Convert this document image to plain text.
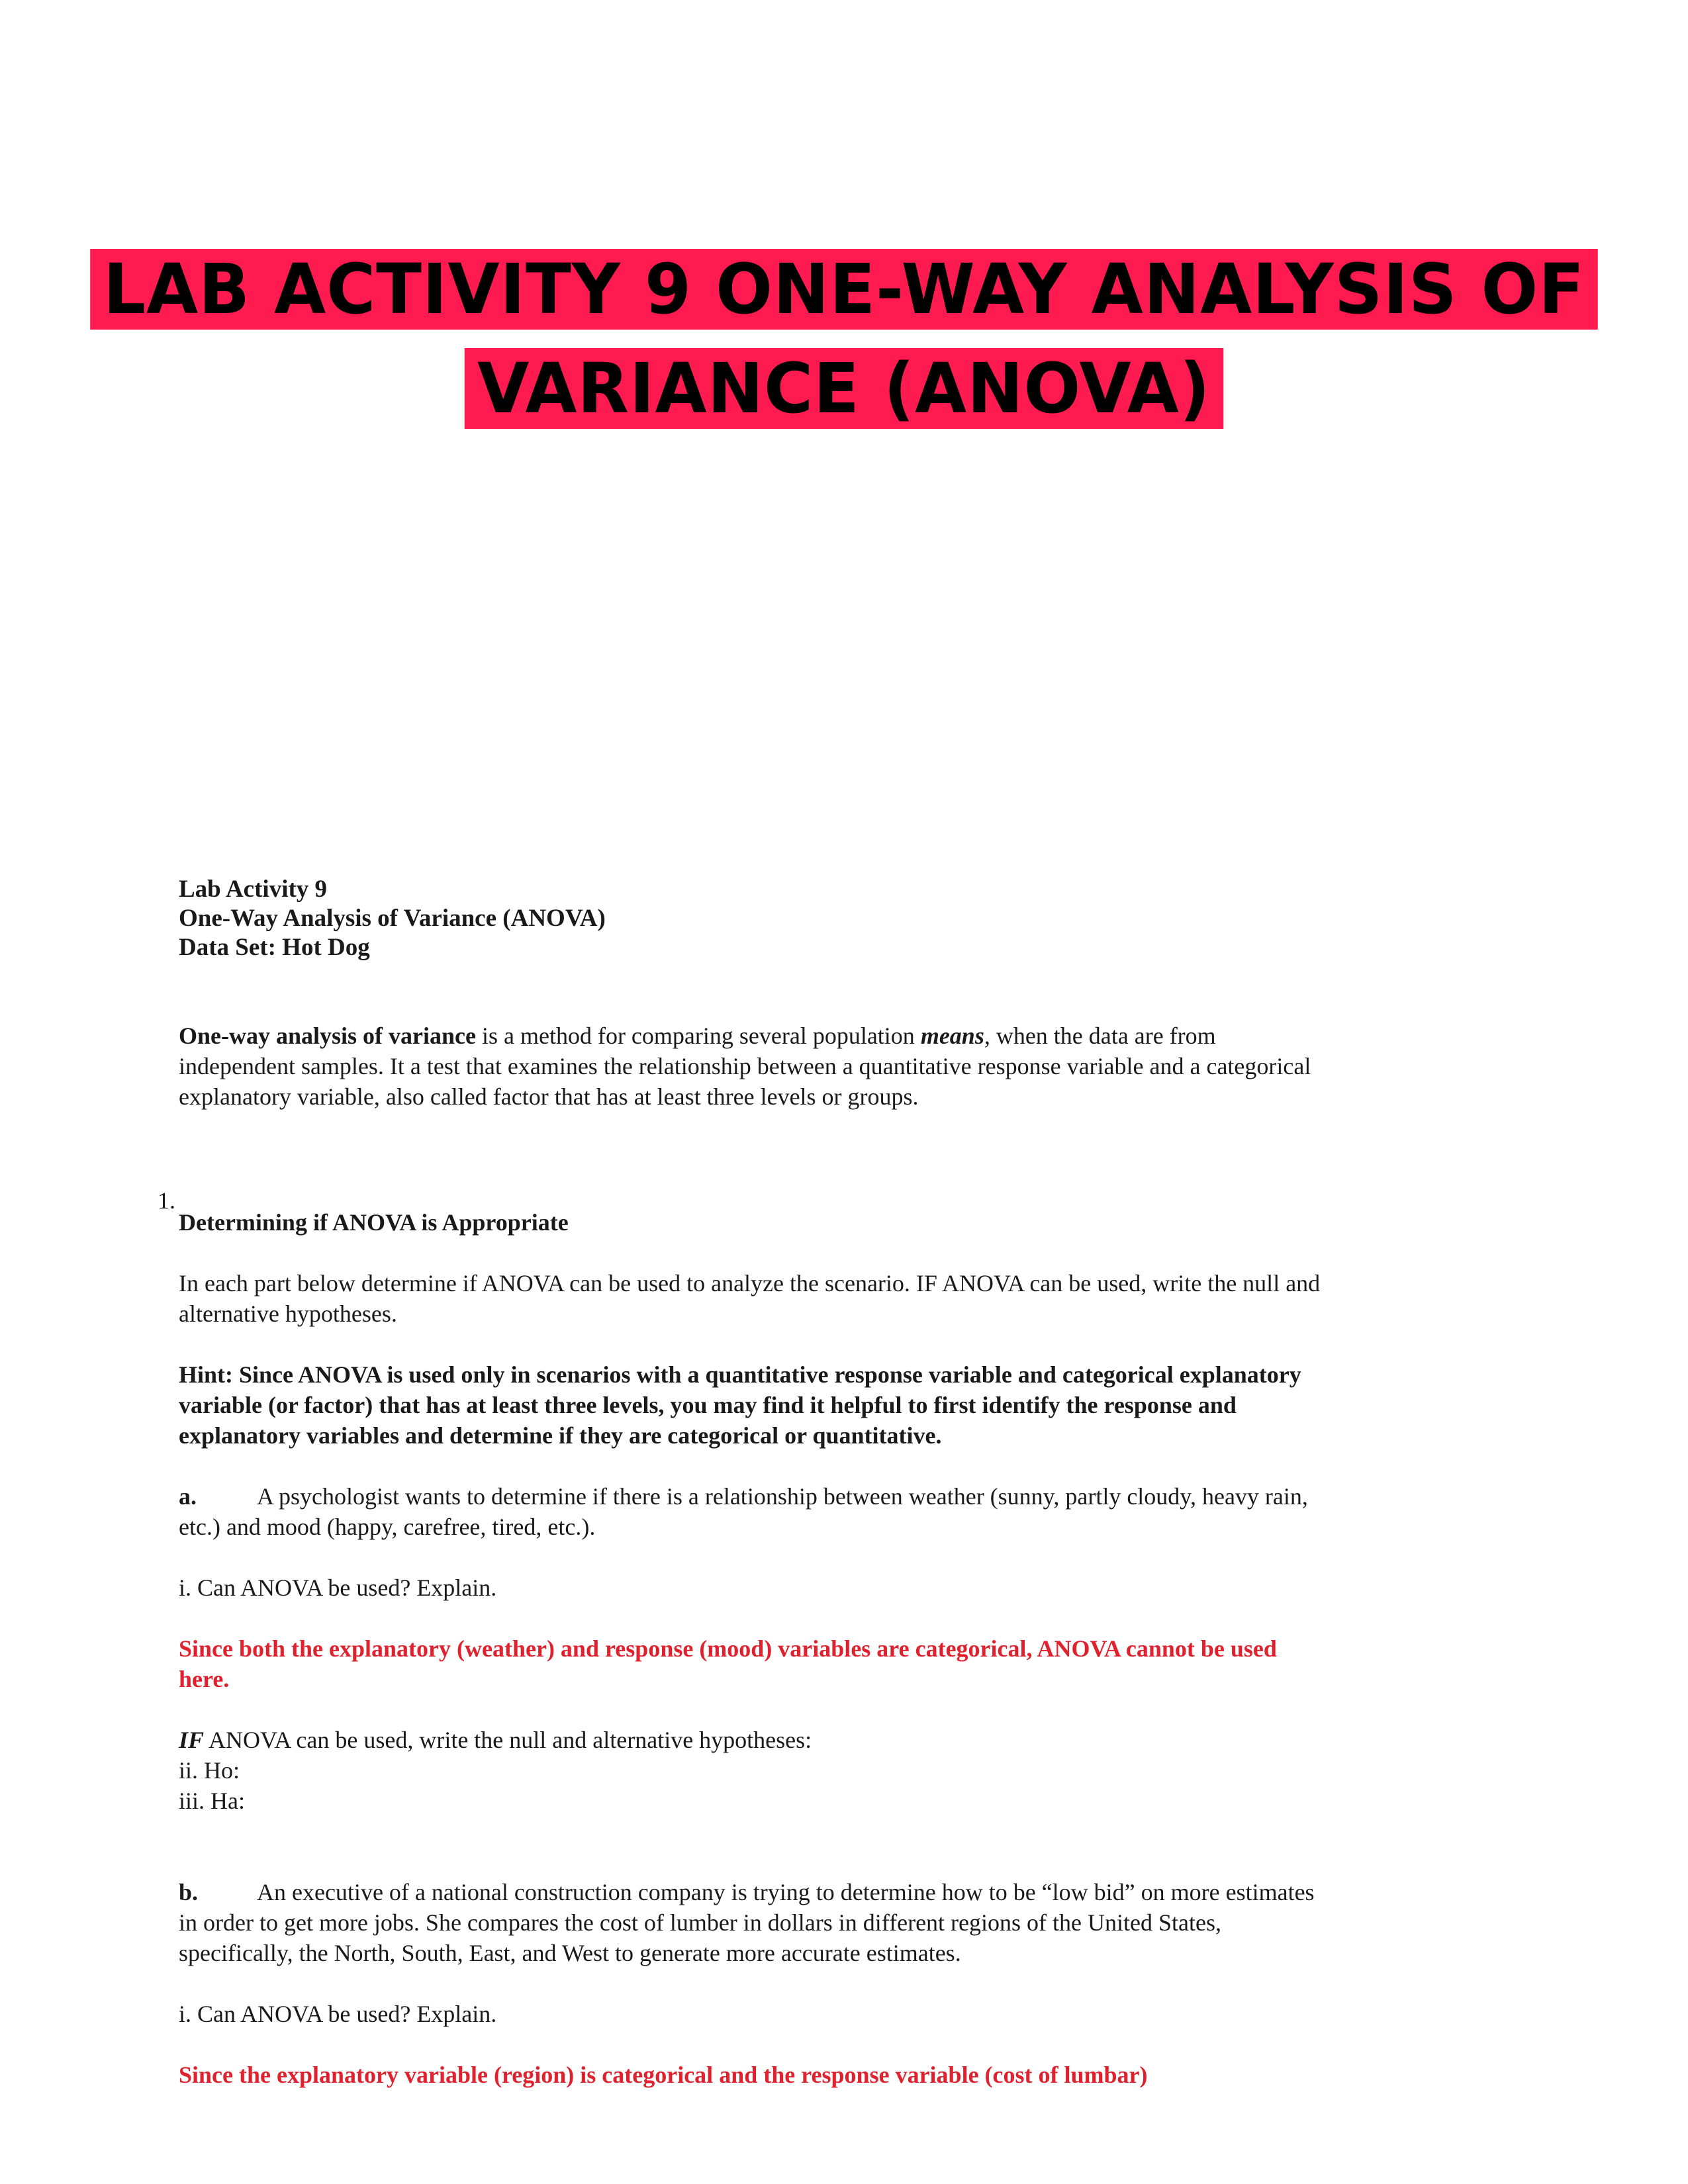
LAB ACTIVITY 9 ONE-WAY ANALYSIS OF
VARIANCE (ANOVA)
1.
Lab Activity 9
One-Way Analysis of Variance (ANOVA)
Data Set: Hot Dog

One-way analysis of variance is a method for comparing several population means, when the data are from independent samples. It a test that examines the relationship between a quantitative response variable and a categorical explanatory variable, also called factor that has at least three levels or groups.

Determining if ANOVA is Appropriate

In each part below determine if ANOVA can be used to analyze the scenario. IF ANOVA can be used, write the null and alternative hypotheses.

Hint: Since ANOVA is used only in scenarios with a quantitative response variable and categorical explanatory variable (or factor) that has at least three levels, you may find it helpful to first identify the response and explanatory variables and determine if they are categorical or quantitative.

a.	A psychologist wants to determine if there is a relationship between weather (sunny, partly cloudy, heavy rain, etc.) and mood (happy, carefree, tired, etc.).

i. Can ANOVA be used? Explain.

Since both the explanatory (weather) and response (mood) variables are categorical, ANOVA cannot be used here.

IF ANOVA can be used, write the null and alternative hypotheses:
ii. Ho:
iii. Ha:

b. An executive of a national construction company is trying to determine how to be “low bid” on more estimates in order to get more jobs. She compares the cost of lumber in dollars in different regions of the United States, specifically, the North, South, East, and West to generate more accurate estimates.

i. Can ANOVA be used? Explain.

Since the explanatory variable (region) is categorical and the response variable (cost of lumbar)
